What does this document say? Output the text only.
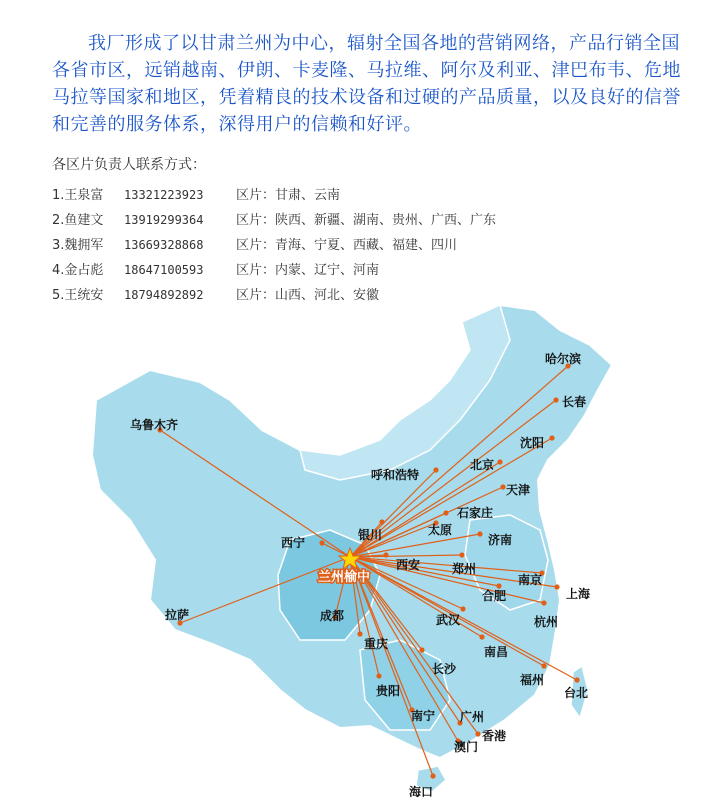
我厂形成了以甘肃兰州为中心，辐射全国各地的营销网络，产品行销全国各省市区，远销越南、伊朗、卡麦隆、马拉维、阿尔及利亚、津巴布韦、危地马拉等国家和地区，凭着精良的技术设备和过硬的产品质量，以及良好的信誉和完善的服务体系，深得用户的信赖和好评。

各区片负责人联系方式：
1.王泉富 13321223923	区片：甘肃、云南
2.鱼建文 13919299364	区片：陕西、新疆、湖南、贵州、广西、广东
3.魏拥军 13669328868	区片：青海、宁夏、西藏、福建、四川
4.金占彪 18647100593	区片：内蒙、辽宁、河南
5.王统安 18794892892	区片：山西、河北、安徽
哈尔滨
长春
乌鲁木齐
沈阳
呼和浩特
北京
天津
石家庄
银川	太原
济南
西宁
西安	郑州
南京
上海
合肥
杭州
武汉
成都
拉萨
重庆
南昌
长沙
福州
台北
贵阳
南宁 广州
香港
澳门
海口
兰州榆中
